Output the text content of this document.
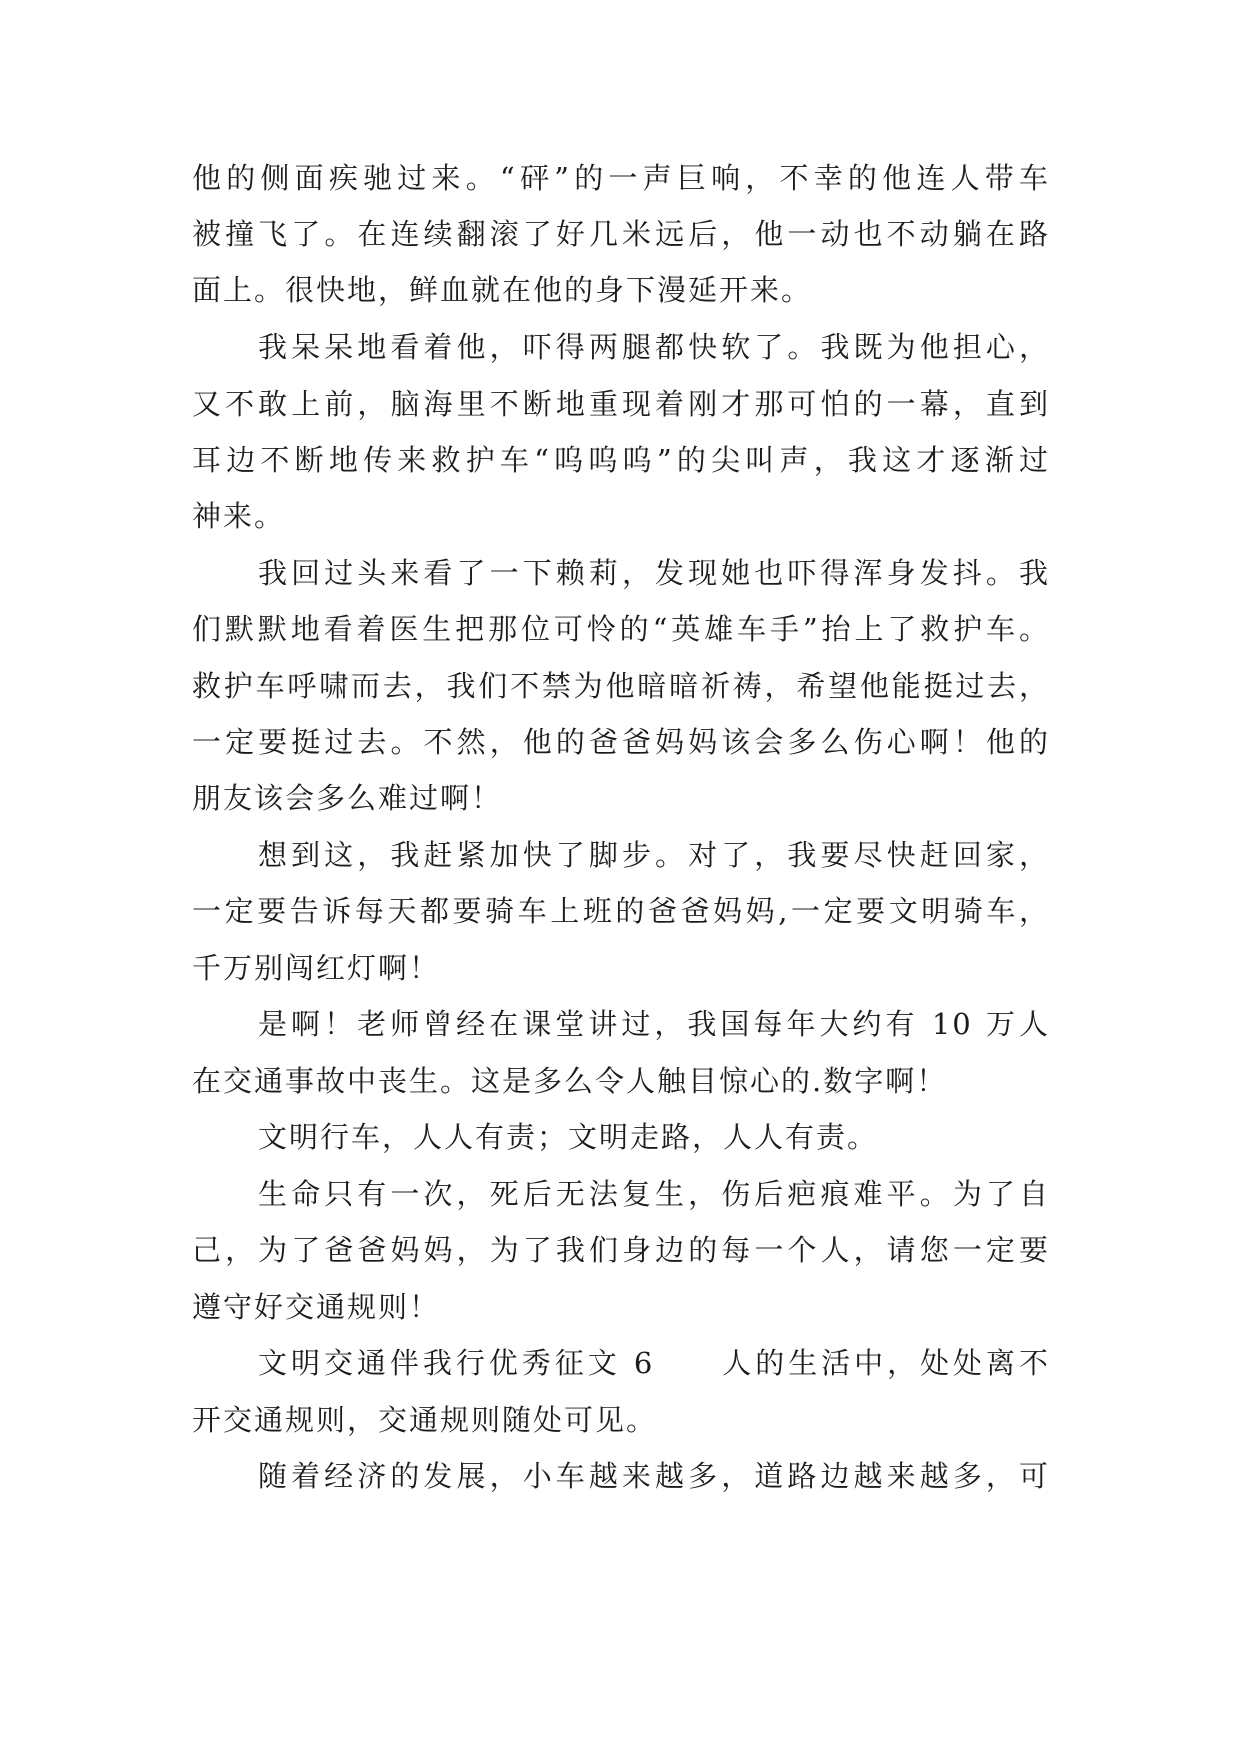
他的侧面疾驰过来。“砰”的一声巨响，不幸的他连人带车
被撞飞了。在连续翻滚了好几米远后，他一动也不动躺在路
面上。很快地，鲜血就在他的身下漫延开来。
我呆呆地看着他，吓得两腿都快软了。我既为他担心，
又不敢上前，脑海里不断地重现着刚才那可怕的一幕，直到
耳边不断地传来救护车“呜呜呜”的尖叫声，我这才逐渐过
神来。
我回过头来看了一下赖莉，发现她也吓得浑身发抖。我
们默默地看着医生把那位可怜的“英雄车手”抬上了救护车。
救护车呼啸而去，我们不禁为他暗暗祈祷，希望他能挺过去，
一定要挺过去。不然，他的爸爸妈妈该会多么伤心啊！他的
朋友该会多么难过啊！
想到这，我赶紧加快了脚步。对了，我要尽快赶回家，
一定要告诉每天都要骑车上班的爸爸妈妈,一定要文明骑车，
千万别闯红灯啊！
是啊！老师曾经在课堂讲过，我国每年大约有 10 万人
在交通事故中丧生。这是多么令人触目惊心的.数字啊！
文明行车，人人有责；文明走路，人人有责。
生命只有一次，死后无法复生，伤后疤痕难平。为了自
己，为了爸爸妈妈，为了我们身边的每一个人，请您一定要
遵守好交通规则！
文明交通伴我行优秀征文 6　　人的生活中，处处离不
开交通规则，交通规则随处可见。
随着经济的发展，小车越来越多，道路边越来越多，可
